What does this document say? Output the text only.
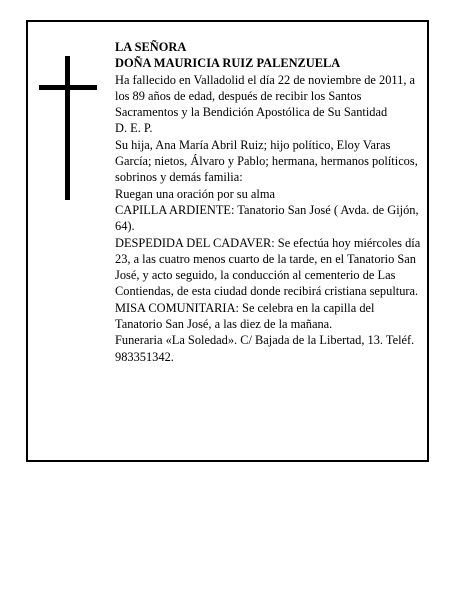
LA SEÑORA

DOÑA MAURICIA RUIZ PALENZUELA

Ha fallecido en Valladolid el día 22 de noviembre de 2011, a los 89 años de edad, después de recibir los Santos Sacramentos y la Bendición Apostólica de Su Santidad

D. E. P.

Su hija, Ana María Abril Ruiz; hijo político, Eloy Varas García; nietos, Álvaro y Pablo; hermana, hermanos políticos, sobrinos y demás familia:

Ruegan una oración por su alma

CAPILLA ARDIENTE: Tanatorio San José ( Avda. de Gijón, 64).

DESPEDIDA DEL CADAVER: Se efectúa hoy miércoles día 23, a las cuatro menos cuarto de la tarde, en el Tanatorio San José, y acto seguido, la conducción al cementerio de Las Contiendas, de esta ciudad donde recibirá cristiana sepultura.

MISA COMUNITARIA: Se celebra en la capilla del Tanatorio San José, a las diez de la mañana.

Funeraria «La Soledad». C/ Bajada de la Libertad, 13. Teléf. 983351342.
